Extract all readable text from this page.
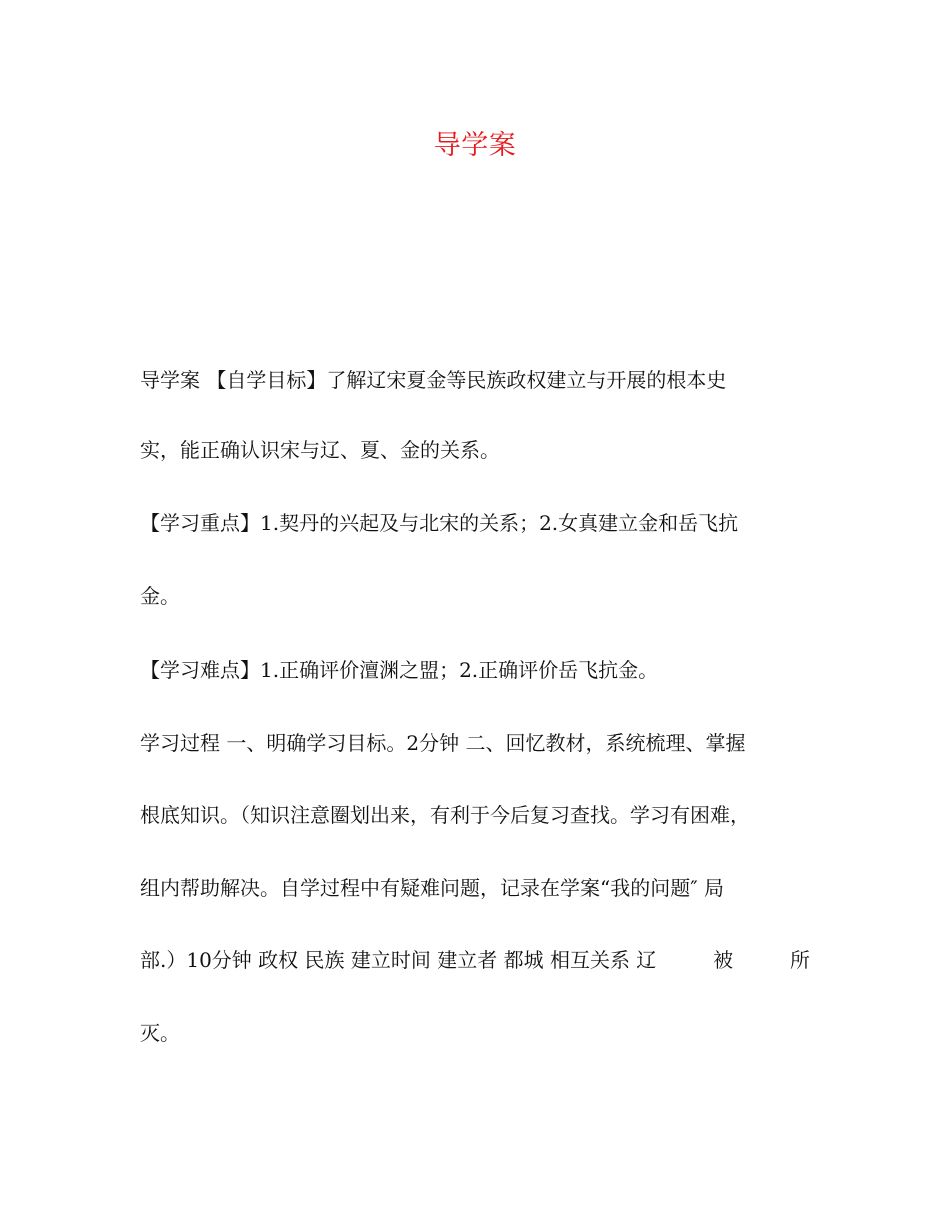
导学案
导学案 【自学目标】了解辽宋夏金等民族政权建立与开展的根本史
实，能正确认识宋与辽、夏、金的关系。
【学习重点】1.契丹的兴起及与北宋的关系；2.女真建立金和岳飞抗
金。
【学习难点】1.正确评价澶渊之盟；2.正确评价岳飞抗金。
学习过程 一、明确学习目标。2分钟 二、回忆教材，系统梳理、掌握
根底知识。（知识注意圈划出来，有利于今后复习查找。学习有困难，
组内帮助解决。自学过程中有疑难问题，记录在学案“我的问题″ 局
部.）10分钟 政权 民族 建立时间 建立者 都城 相互关系 辽	被	所
灭。
